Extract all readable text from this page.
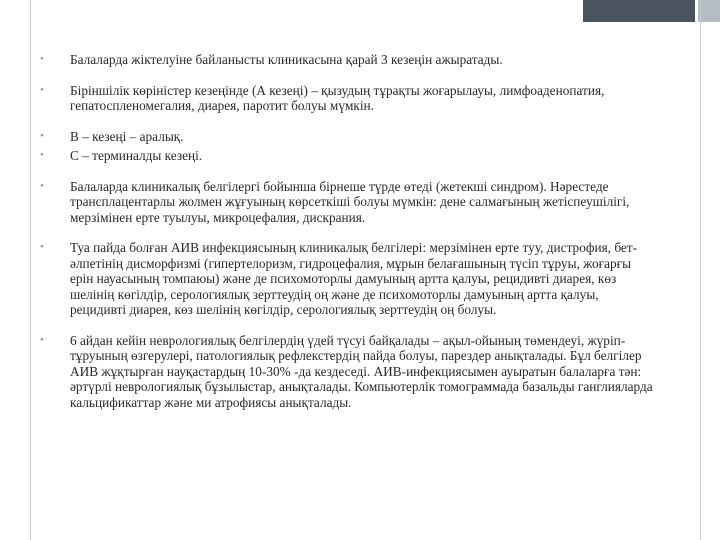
• Балаларда жіктелуіне байланысты клиникасына қарай 3 кезеңін ажыратады.
• Біріншілік көріністер кезеңінде (А кезеңі) – қызудың тұрақты жоғарылауы, лимфоаденопатия, гепатоспленомегалия, диарея, паротит болуы мүмкін.
• В – кезеңі – аралық.
• С – терминалды кезеңі.
• Балаларда клиникалық белгілергі бойынша бірнеше түрде өтеді (жетекші синдром). Нәрестеде трансплацентарлы жолмен жұғуының көрсеткіші болуы мүмкін: дене салмағының жетіспеушілігі, мерзімінен ерте туылуы, микроцефалия, дискрания.
• Туа пайда болған АИВ инфекциясының клиникалық белгілері: мерзімінен ерте туу, дистрофия, бет-әлпетінің дисморфизмі (гипертелоризм, гидроцефалия, мұрын белағашының түсіп тұруы, жоғарғы ерін науасының томпаюы) және де психомоторлы дамуының артта қалуы, рецидивті диарея, көз шелінің көгілдір, серологиялық зерттеудің оң және де психомоторлы дамуының артта қалуы, рецидивті диарея, көз шелінің көгілдір, серологиялық зерттеудің оң болуы.
• 6 айдан кейін неврологиялық белгілердің үдей түсуі байқалады – ақыл-ойының төмендеуі, жүріп-тұруының өзгерулері, патологиялық рефлекстердің пайда болуы, парездер анықталады. Бұл белгілер АИВ жұқтырған науқастардың 10-30% -да кездеседі. АИВ-инфекциясымен ауыратын балаларға тән: әртүрлі неврологиялық бұзылыстар, анықталады. Компьютерлік томограммада базальды ганглияларда кальцификаттар және ми атрофиясы анықталады.
